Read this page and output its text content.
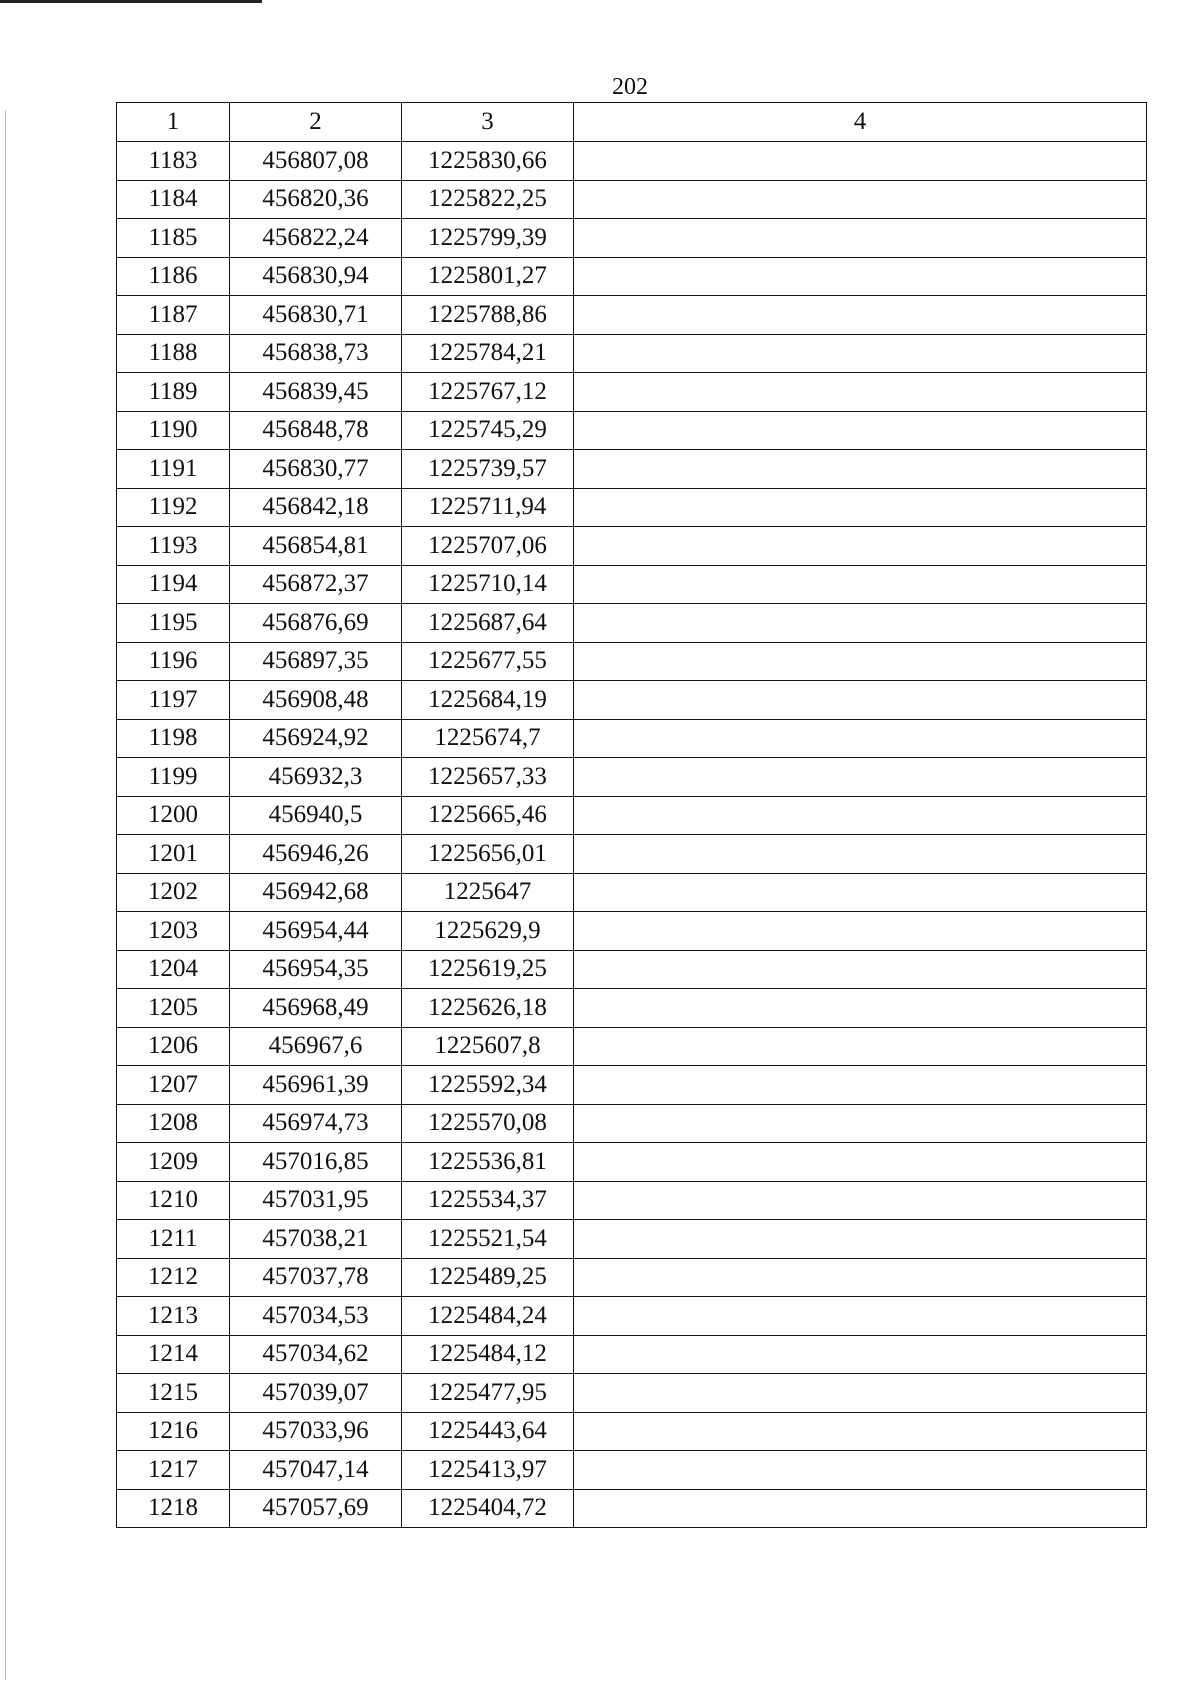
202
1	2	3	4
1183	456807,08	1225830,66	
1184	456820,36	1225822,25	
1185	456822,24	1225799,39	
1186	456830,94	1225801,27	
1187	456830,71	1225788,86	
1188	456838,73	1225784,21	
1189	456839,45	1225767,12	
1190	456848,78	1225745,29	
1191	456830,77	1225739,57	
1192	456842,18	1225711,94	
1193	456854,81	1225707,06	
1194	456872,37	1225710,14	
1195	456876,69	1225687,64	
1196	456897,35	1225677,55	
1197	456908,48	1225684,19	
1198	456924,92	1225674,7	
1199	456932,3	1225657,33	
1200	456940,5	1225665,46	
1201	456946,26	1225656,01	
1202	456942,68	1225647	
1203	456954,44	1225629,9	
1204	456954,35	1225619,25	
1205	456968,49	1225626,18	
1206	456967,6	1225607,8	
1207	456961,39	1225592,34	
1208	456974,73	1225570,08	
1209	457016,85	1225536,81	
1210	457031,95	1225534,37	
1211	457038,21	1225521,54	
1212	457037,78	1225489,25	
1213	457034,53	1225484,24	
1214	457034,62	1225484,12	
1215	457039,07	1225477,95	
1216	457033,96	1225443,64	
1217	457047,14	1225413,97	
1218	457057,69	1225404,72	
